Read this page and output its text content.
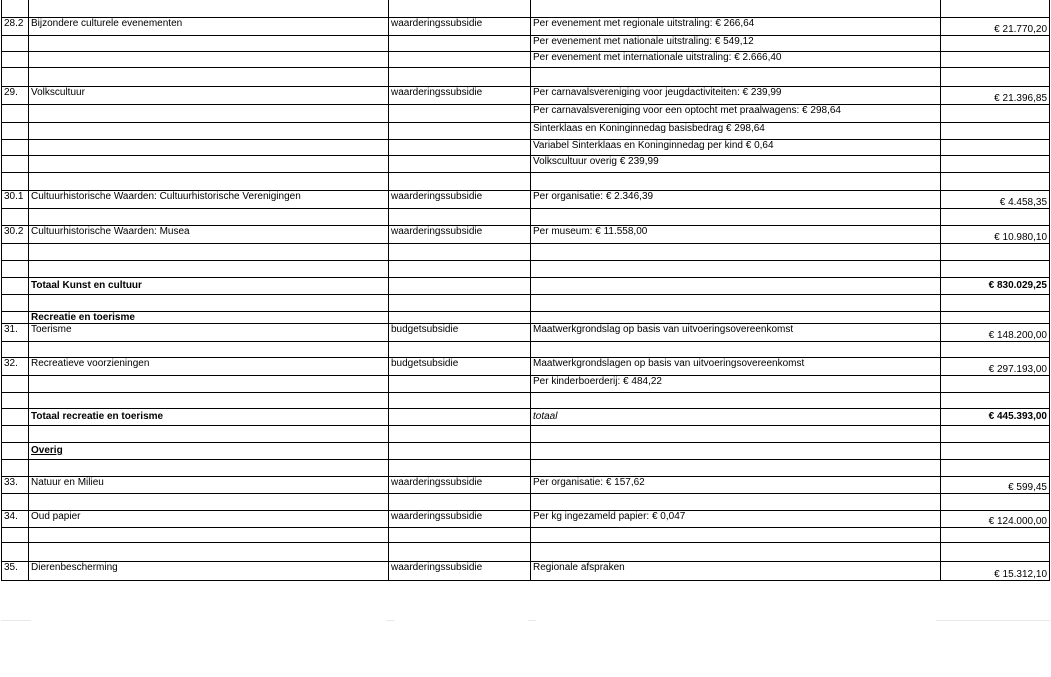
28.2	Bijzondere culturele evenementen	waarderingssubsidie	Per evenement met regionale uitstraling: € 266,64	€ 21.770,20
			Per evenement met nationale uitstraling: € 549,12	
			Per evenement met internationale uitstraling: € 2.666,40	

29.	Volkscultuur	waarderingssubsidie	Per carnavalsvereniging voor jeugdactiviteiten: € 239,99	€ 21.396,85
			Per carnavalsvereniging voor een optocht met praalwagens: € 298,64	
			Sinterklaas en Koninginnedag basisbedrag € 298,64	
			Variabel Sinterklaas en Koninginnedag per kind € 0,64	
			Volkscultuur overig € 239,99	

30.1	Cultuurhistorische Waarden: Cultuurhistorische Verenigingen	waarderingssubsidie	Per organisatie: € 2.346,39	€ 4.458,35

30.2	Cultuurhistorische Waarden: Musea	waarderingssubsidie	Per museum: € 11.558,00	€ 10.980,10

	Totaal Kunst en cultuur			€ 830.029,25

	Recreatie en toerisme			
31.	Toerisme	budgetsubsidie	Maatwerkgrondslag op basis van uitvoeringsovereenkomst	€ 148.200,00

32.	Recreatieve voorzieningen	budgetsubsidie	Maatwerkgrondslagen op basis van uitvoeringsovereenkomst	€ 297.193,00
			Per kinderboerderij: € 484,22	

	Totaal recreatie en toerisme		totaal	€ 445.393,00

	Overig			

33.	Natuur en Milieu	waarderingssubsidie	Per organisatie: € 157,62	€ 599,45

34.	Oud papier	waarderingssubsidie	Per kg ingezameld papier: € 0,047	€ 124.000,00

35.	Dierenbescherming	waarderingssubsidie	Regionale afspraken	€ 15.312,10
